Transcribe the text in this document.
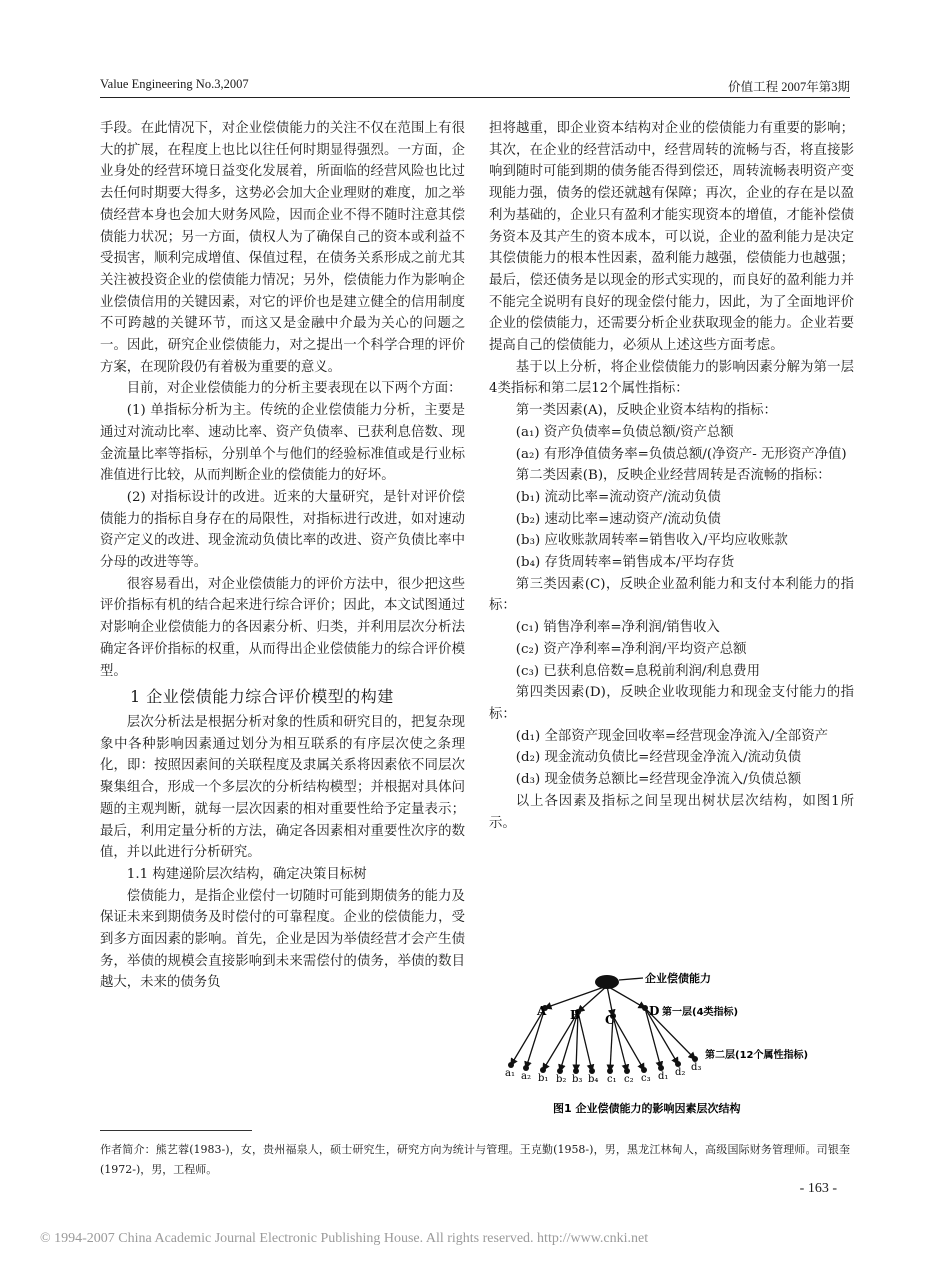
Value Engineering No.3,2007	价值工程 2007年第3期

手段。在此情况下，对企业偿债能力的关注不仅在范围上有很大的扩展，在程度上也比以往任何时期显得强烈。一方面，企业身处的经营环境日益变化发展着，所面临的经营风险也比过去任何时期要大得多，这势必会加大企业理财的难度，加之举债经营本身也会加大财务风险，因而企业不得不随时注意其偿债能力状况；另一方面，债权人为了确保自己的资本或利益不受损害，顺利完成增值、保值过程，在债务关系形成之前尤其关注被投资企业的偿债能力情况；另外，偿债能力作为影响企业偿债信用的关键因素，对它的评价也是建立健全的信用制度不可跨越的关键环节，而这又是金融中介最为关心的问题之一。因此，研究企业偿债能力，对之提出一个科学合理的评价方案，在现阶段仍有着极为重要的意义。

目前，对企业偿债能力的分析主要表现在以下两个方面：

(1) 单指标分析为主。传统的企业偿债能力分析，主要是通过对流动比率、速动比率、资产负债率、已获利息倍数、现金流量比率等指标，分别单个与他们的经验标准值或是行业标准值进行比较，从而判断企业的偿债能力的好坏。

(2) 对指标设计的改进。近来的大量研究，是针对评价偿债能力的指标自身存在的局限性，对指标进行改进，如对速动资产定义的改进、现金流动负债比率的改进、资产负债比率中分母的改进等等。

很容易看出，对企业偿债能力的评价方法中，很少把这些评价指标有机的结合起来进行综合评价；因此，本文试图通过对影响企业偿债能力的各因素分析、归类，并利用层次分析法确定各评价指标的权重，从而得出企业偿债能力的综合评价模型。

1 企业偿债能力综合评价模型的构建

层次分析法是根据分析对象的性质和研究目的，把复杂现象中各种影响因素通过划分为相互联系的有序层次使之条理化，即：按照因素间的关联程度及隶属关系将因素依不同层次聚集组合，形成一个多层次的分析结构模型；并根据对具体问题的主观判断，就每一层次因素的相对重要性给予定量表示；最后，利用定量分析的方法，确定各因素相对重要性次序的数值，并以此进行分析研究。

1.1 构建递阶层次结构，确定决策目标树

偿债能力，是指企业偿付一切随时可能到期债务的能力及保证未来到期债务及时偿付的可靠程度。企业的偿债能力，受到多方面因素的影响。首先，企业是因为举债经营才会产生债务，举债的规模会直接影响到未来需偿付的债务，举债的数目越大，未来的债务负

担将越重，即企业资本结构对企业的偿债能力有重要的影响；其次，在企业的经营活动中，经营周转的流畅与否，将直接影响到随时可能到期的债务能否得到偿还，周转流畅表明资产变现能力强，债务的偿还就越有保障；再次，企业的存在是以盈利为基础的，企业只有盈利才能实现资本的增值，才能补偿债务资本及其产生的资本成本，可以说，企业的盈利能力是决定其偿债能力的根本性因素，盈利能力越强，偿债能力也越强；最后，偿还债务是以现金的形式实现的，而良好的盈利能力并不能完全说明有良好的现金偿付能力，因此，为了全面地评价企业的偿债能力，还需要分析企业获取现金的能力。企业若要提高自己的偿债能力，必须从上述这些方面考虑。

基于以上分析，将企业偿债能力的影响因素分解为第一层4类指标和第二层12个属性指标：

第一类因素(A)，反映企业资本结构的指标：

(a₁) 资产负债率=负债总额/资产总额

(a₂) 有形净值债务率=负债总额/(净资产- 无形资产净值)

第二类因素(B)，反映企业经营周转是否流畅的指标：

(b₁) 流动比率=流动资产/流动负债

(b₂) 速动比率=速动资产/流动负债

(b₃) 应收账款周转率=销售收入/平均应收账款

(b₄) 存货周转率=销售成本/平均存货

第三类因素(C)，反映企业盈利能力和支付本利能力的指标：

(c₁) 销售净利率=净利润/销售收入

(c₂) 资产净利率=净利润/平均资产总额

(c₃) 已获利息倍数=息税前利润/利息费用

第四类因素(D)，反映企业收现能力和现金支付能力的指标：

(d₁) 全部资产现金回收率=经营现金净流入/全部资产

(d₂) 现金流动负债比=经营现金净流入/流动负债

(d₃) 现金债务总额比=经营现金净流入/负债总额

以上各因素及指标之间呈现出树状层次结构，如图1所示。

企业偿债能力
第一层(4类指标)
第二层(12个属性指标)
A B C
D
a₁ a₂ b₁ b₂ b₃ b₄ c₁ c₂ c₃ d₁ d₂ d₃
图1 企业偿债能力的影响因素层次结构
作者简介：熊艺蓉(1983-)，女，贵州福泉人，硕士研究生，研究方向为统计与管理。王克勤(1958-)，男，黑龙江林甸人，高级国际财务管理师。司银奎(1972-)，男，工程师。
- 163 -
© 1994-2007 China Academic Journal Electronic Publishing House. All rights reserved. http://www.cnki.net
